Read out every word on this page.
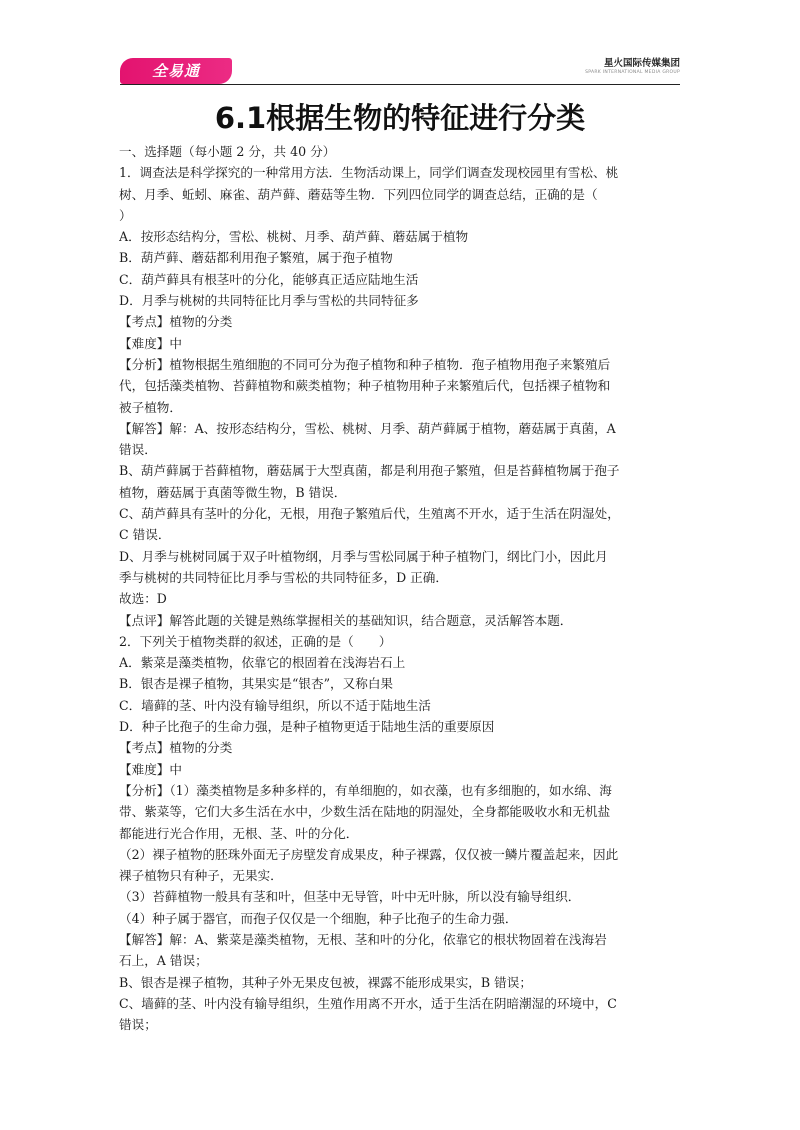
全易通	星火国际传媒集团
SPARK INTERNATIONAL MEDIA GROUP
6.1根据生物的特征进行分类
一、选择题（每小题 2 分，共 40 分）
1．调查法是科学探究的一种常用方法．生物活动课上，同学们调查发现校园里有雪松、桃
树、月季、蚯蚓、麻雀、葫芦藓、蘑菇等生物．下列四位同学的调查总结，正确的是（
）
A．按形态结构分，雪松、桃树、月季、葫芦藓、蘑菇属于植物
B．葫芦藓、蘑菇都利用孢子繁殖，属于孢子植物
C．葫芦藓具有根茎叶的分化，能够真正适应陆地生活
D．月季与桃树的共同特征比月季与雪松的共同特征多
【考点】植物的分类
【难度】中
【分析】植物根据生殖细胞的不同可分为孢子植物和种子植物．孢子植物用孢子来繁殖后
代，包括藻类植物、苔藓植物和蕨类植物；种子植物用种子来繁殖后代，包括裸子植物和
被子植物．
【解答】解：A、按形态结构分，雪松、桃树、月季、葫芦藓属于植物，蘑菇属于真菌，A
错误．
B、葫芦藓属于苔藓植物，蘑菇属于大型真菌，都是利用孢子繁殖，但是苔藓植物属于孢子
植物，蘑菇属于真菌等微生物，B 错误．
C、葫芦藓具有茎叶的分化，无根，用孢子繁殖后代，生殖离不开水，适于生活在阴湿处，
C 错误．
D、月季与桃树同属于双子叶植物纲，月季与雪松同属于种子植物门，纲比门小，因此月
季与桃树的共同特征比月季与雪松的共同特征多，D 正确．
故选：D
【点评】解答此题的关键是熟练掌握相关的基础知识，结合题意，灵活解答本题．
2．下列关于植物类群的叙述，正确的是（　　）
A．紫菜是藻类植物，依靠它的根固着在浅海岩石上
B．银杏是裸子植物，其果实是“银杏”，又称白果
C．墙藓的茎、叶内没有输导组织，所以不适于陆地生活
D．种子比孢子的生命力强，是种子植物更适于陆地生活的重要原因
【考点】植物的分类
【难度】中
【分析】（1）藻类植物是多种多样的，有单细胞的，如衣藻，也有多细胞的，如水绵、海
带、紫菜等，它们大多生活在水中，少数生活在陆地的阴湿处，全身都能吸收水和无机盐
都能进行光合作用，无根、茎、叶的分化．
（2）裸子植物的胚珠外面无子房壁发育成果皮，种子裸露，仅仅被一鳞片覆盖起来，因此
裸子植物只有种子，无果实．
（3）苔藓植物一般具有茎和叶，但茎中无导管，叶中无叶脉，所以没有输导组织．
（4）种子属于器官，而孢子仅仅是一个细胞，种子比孢子的生命力强．
【解答】解：A、紫菜是藻类植物，无根、茎和叶的分化，依靠它的根状物固着在浅海岩
石上，A 错误；
B、银杏是裸子植物，其种子外无果皮包被，裸露不能形成果实，B 错误；
C、墙藓的茎、叶内没有输导组织，生殖作用离不开水，适于生活在阴暗潮湿的环境中，C
错误；
